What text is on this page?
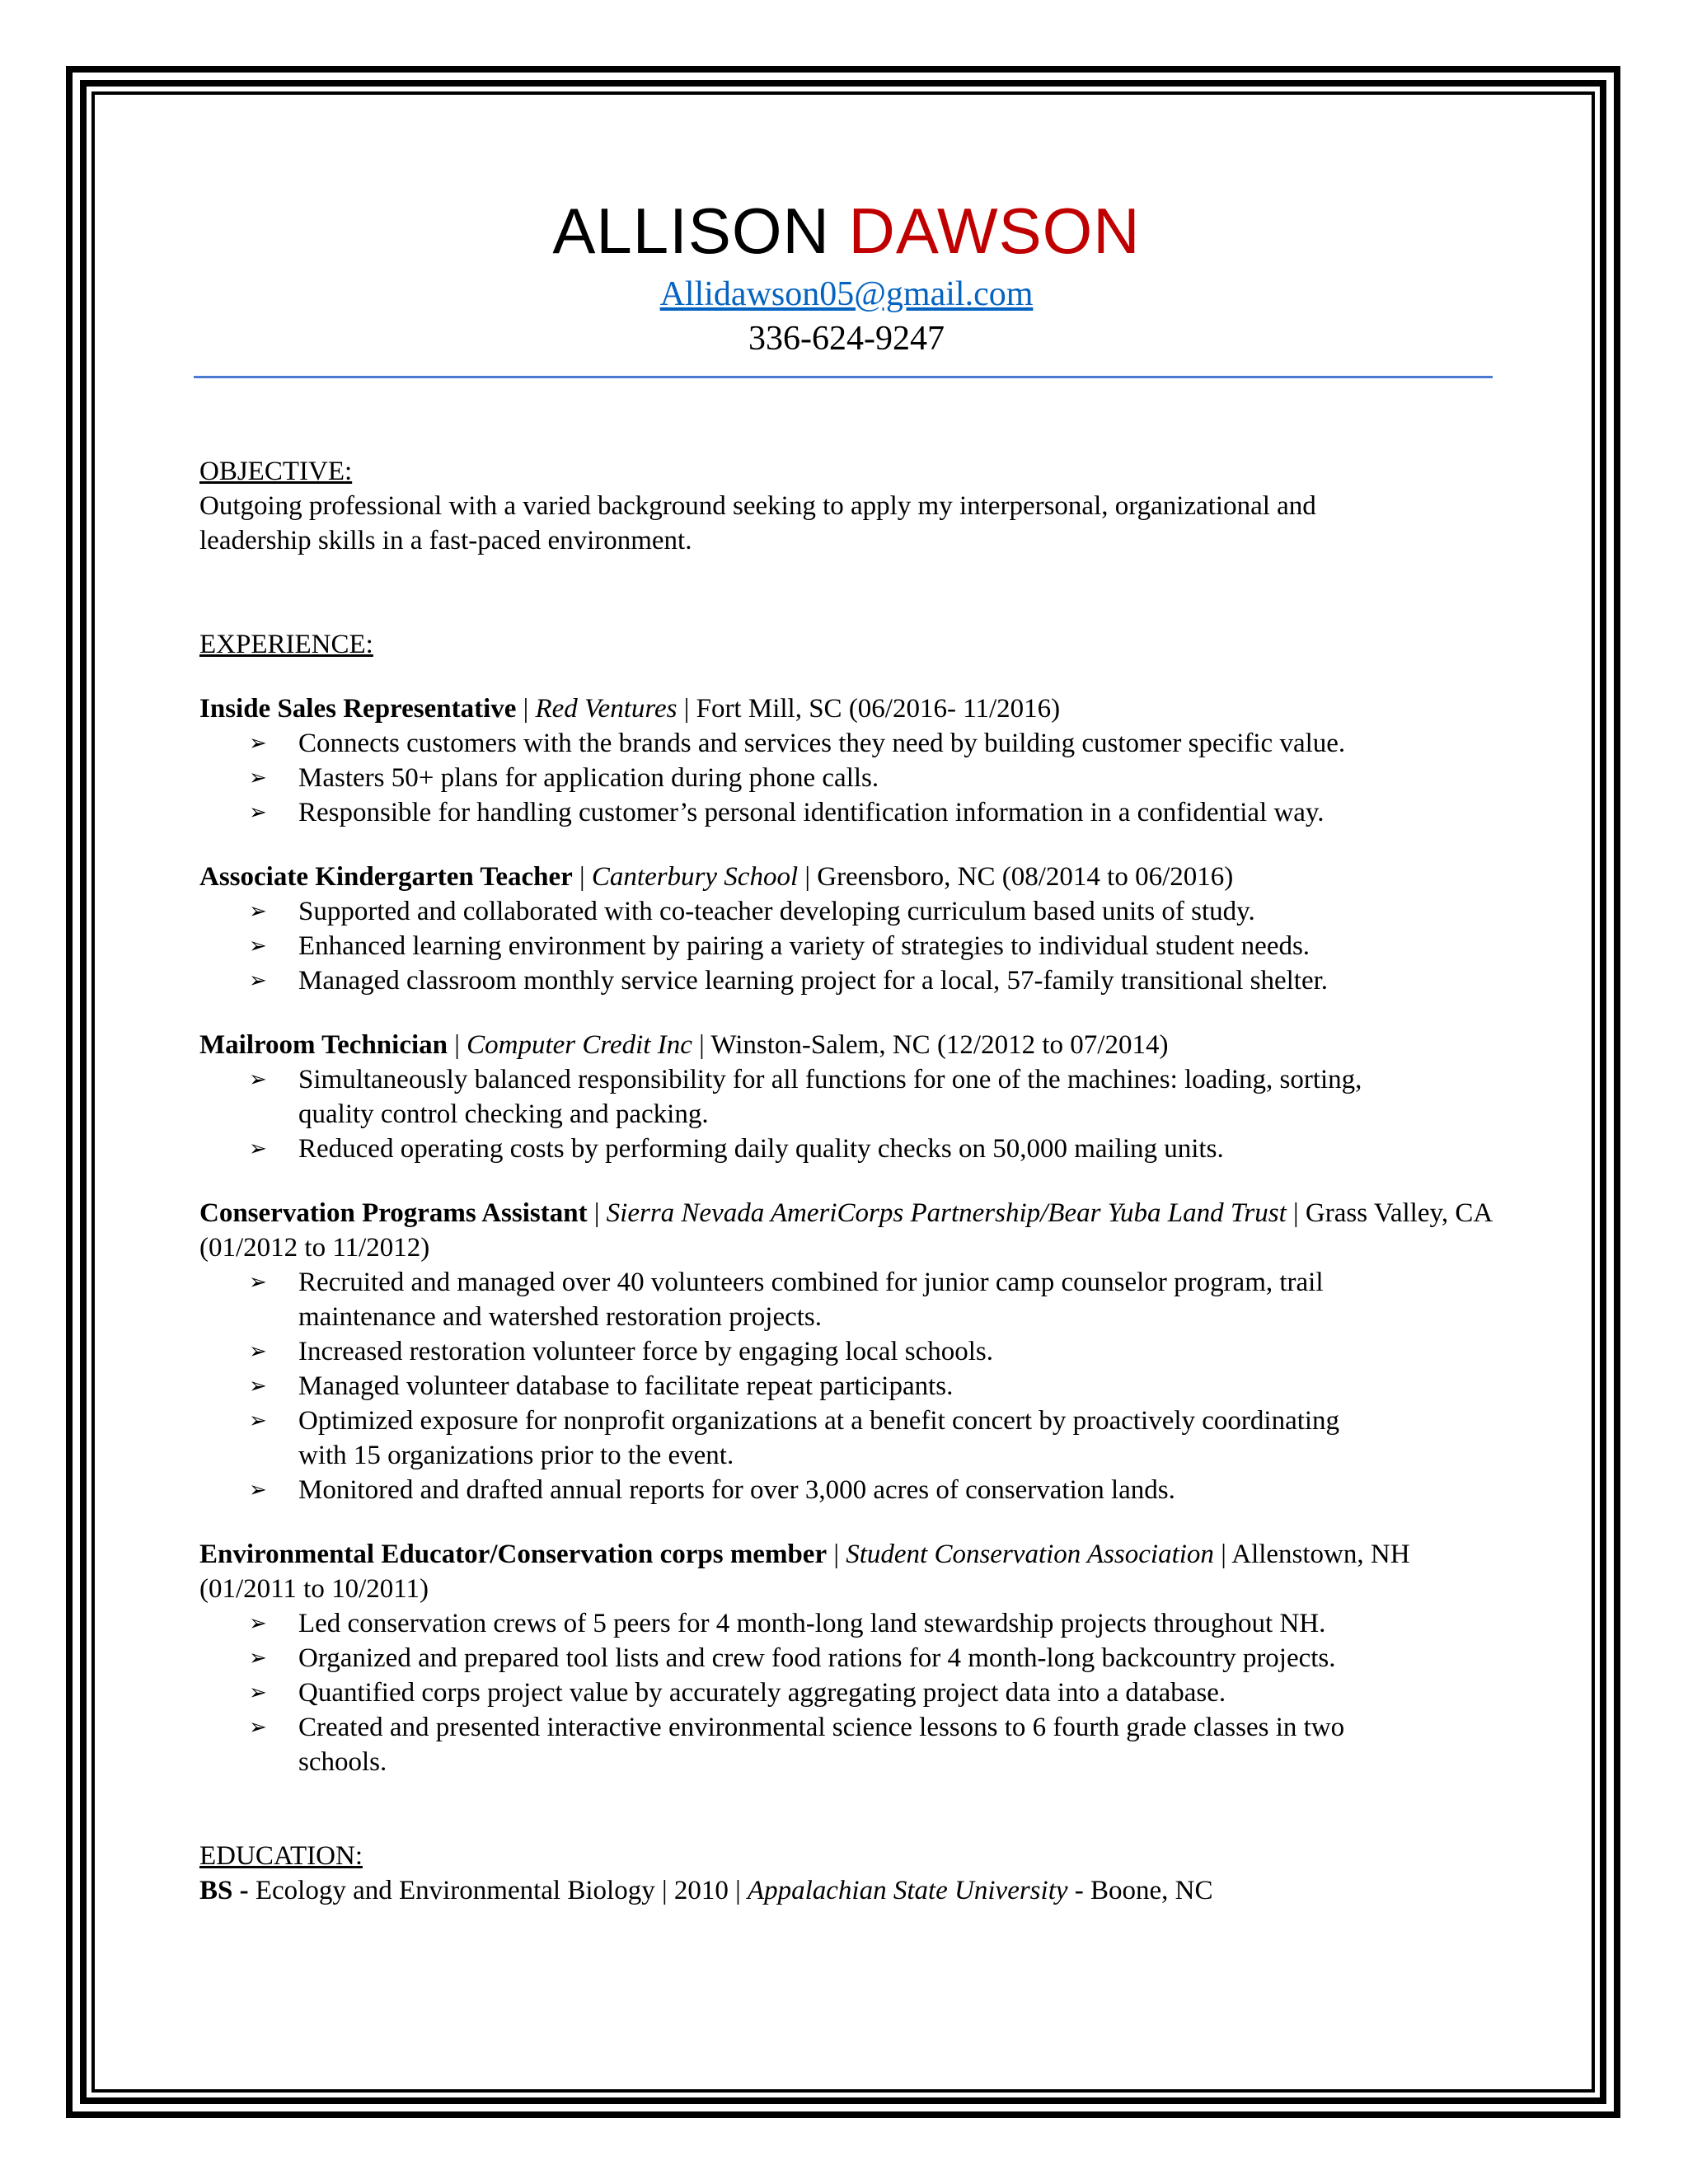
ALLISON DAWSON
Allidawson05@gmail.com
336-624-9247
OBJECTIVE:

Outgoing professional with a varied background seeking to apply my interpersonal, organizational and

leadership skills in a fast-paced environment.

EXPERIENCE:

Inside Sales Representative | Red Ventures | Fort Mill, SC (06/2016- 11/2016)

➢ Connects customers with the brands and services they need by building customer specific value.
➢ Masters 50+ plans for application during phone calls.
➢ Responsible for handling customer’s personal identification information in a confidential way.

Associate Kindergarten Teacher | Canterbury School | Greensboro, NC (08/2014 to 06/2016)

➢ Supported and collaborated with co-teacher developing curriculum based units of study.
➢ Enhanced learning environment by pairing a variety of strategies to individual student needs.
➢ Managed classroom monthly service learning project for a local, 57-family transitional shelter.

Mailroom Technician | Computer Credit Inc | Winston-Salem, NC (12/2012 to 07/2014)

➢ Simultaneously balanced responsibility for all functions for one of the machines: loading, sorting,
quality control checking and packing.
➢ Reduced operating costs by performing daily quality checks on 50,000 mailing units.

Conservation Programs Assistant | Sierra Nevada AmeriCorps Partnership/Bear Yuba Land Trust | Grass Valley, CA (01/2012 to 11/2012)

➢ Recruited and managed over 40 volunteers combined for junior camp counselor program, trail
maintenance and watershed restoration projects.
➢ Increased restoration volunteer force by engaging local schools.
➢ Managed volunteer database to facilitate repeat participants.
➢ Optimized exposure for nonprofit organizations at a benefit concert by proactively coordinating
with 15 organizations prior to the event.
➢ Monitored and drafted annual reports for over 3,000 acres of conservation lands.

Environmental Educator/Conservation corps member | Student Conservation Association | Allenstown, NH (01/2011 to 10/2011)

➢ Led conservation crews of 5 peers for 4 month-long land stewardship projects throughout NH.
➢ Organized and prepared tool lists and crew food rations for 4 month-long backcountry projects.
➢ Quantified corps project value by accurately aggregating project data into a database.
➢ Created and presented interactive environmental science lessons to 6 fourth grade classes in two
schools.
EDUCATION:

BS - Ecology and Environmental Biology | 2010 | Appalachian State University - Boone, NC
